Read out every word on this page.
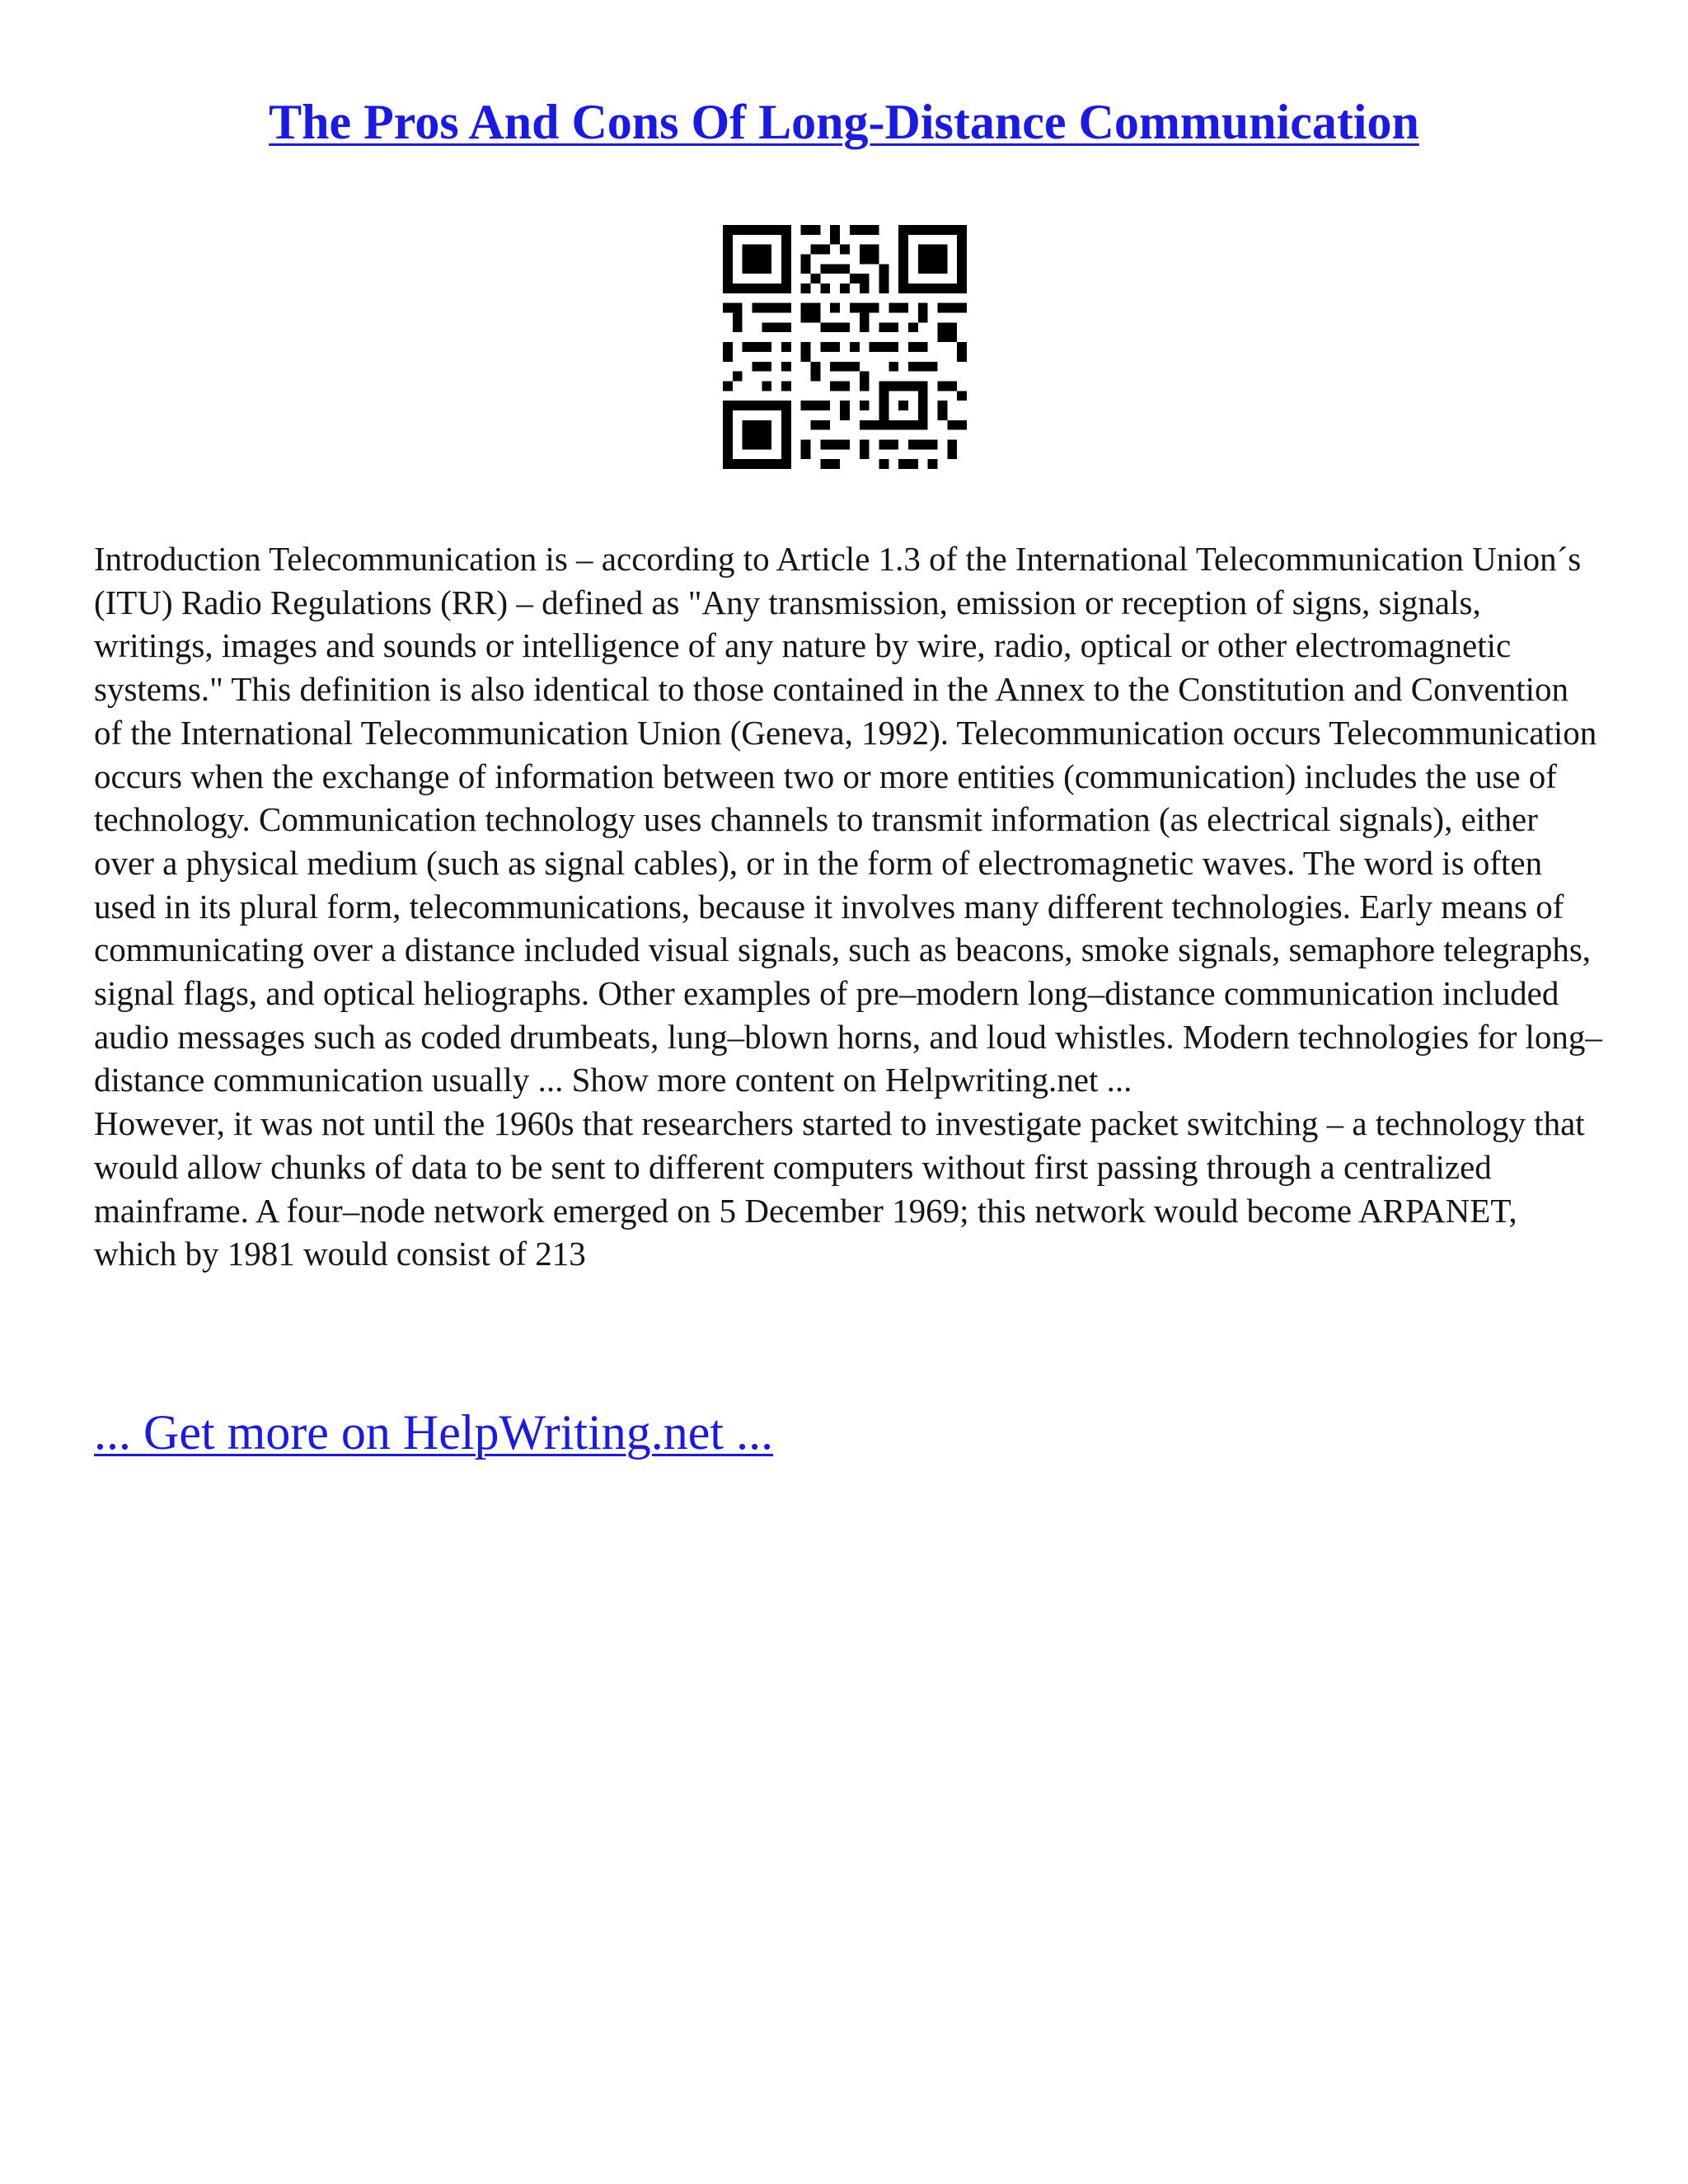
The Pros And Cons Of Long-Distance Communication

Introduction Telecommunication is – according to Article 1.3 of the International Telecommunication Union´s (ITU) Radio Regulations (RR) – defined as "Any transmission, emission or reception of signs, signals, writings, images and sounds or intelligence of any nature by wire, radio, optical or other electromagnetic systems." This definition is also identical to those contained in the Annex to the Constitution and Convention of the International Telecommunication Union (Geneva, 1992). Telecommunication occurs Telecommunication occurs when the exchange of information between two or more entities (communication) includes the use of technology. Communication technology uses channels to transmit information (as electrical signals), either over a physical medium (such as signal cables), or in the form of electromagnetic waves. The word is often used in its plural form, telecommunications, because it involves many different technologies. Early means of communicating over a distance included visual signals, such as beacons, smoke signals, semaphore telegraphs, signal flags, and optical heliographs. Other examples of pre–modern long–distance communication included audio messages such as coded drumbeats, lung–blown horns, and loud whistles. Modern technologies for long–distance communication usually ... Show more content on Helpwriting.net ...

However, it was not until the 1960s that researchers started to investigate packet switching – a technology that would allow chunks of data to be sent to different computers without first passing through a centralized mainframe. A four–node network emerged on 5 December 1969; this network would become ARPANET, which by 1981 would consist of 213

... Get more on HelpWriting.net ...
